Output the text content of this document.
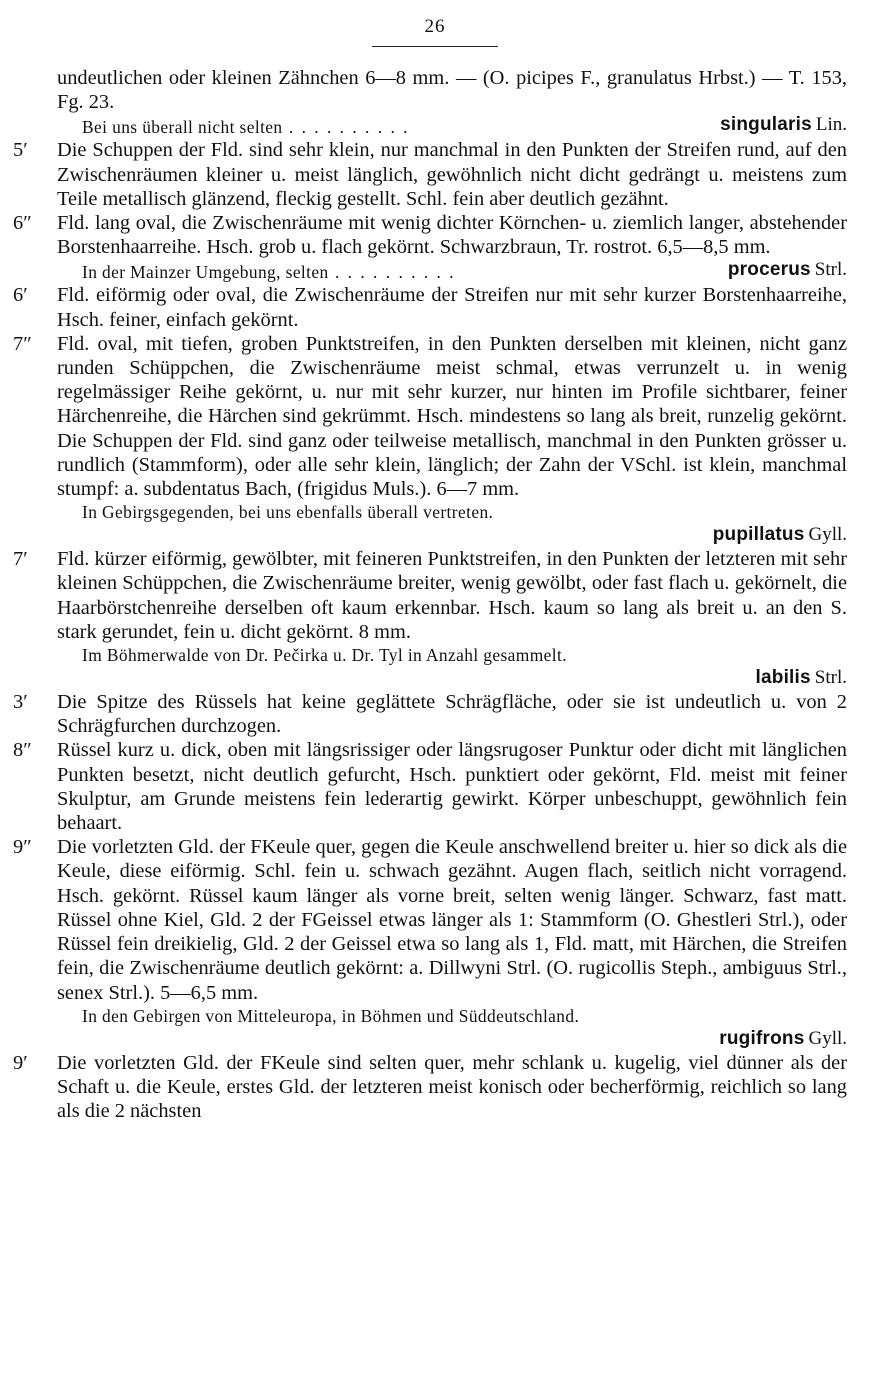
26
undeutlichen oder kleinen Zähnchen 6—8 mm. — (O. picipes F., granulatus Hrbst.) — T. 153, Fg. 23.
Bei uns überall nicht selten . . .	singularis Lin.
5′	Die Schuppen der Fld. sind sehr klein, nur manchmal in den Punkten der Streifen rund, auf den Zwischenräumen kleiner u. meist länglich, gewöhnlich nicht dicht gedrängt u. meistens zum Teile metallisch glänzend, fleckig gestellt. Schl. fein aber deutlich gezähnt.
6″	Fld. lang oval, die Zwischenräume mit wenig dichter Körnchen- u. ziemlich langer, abstehender Borstenhaarreihe. Hsch. grob u. flach gekörnt. Schwarzbraun, Tr. rostrot. 6,5—8,5 mm.
In der Mainzer Umgebung, selten . . .	procerus Strl.
6′	Fld. eiförmig oder oval, die Zwischenräume der Streifen nur mit sehr kurzer Borstenhaarreihe, Hsch. feiner, einfach gekörnt.
7″	Fld. oval, mit tiefen, groben Punktstreifen, in den Punkten derselben mit kleinen, nicht ganz runden Schüppchen, die Zwischenräume meist schmal, etwas verrunzelt u. in wenig regelmässiger Reihe gekörnt, u. nur mit sehr kurzer, nur hinten im Profile sichtbarer, feiner Härchenreihe, die Härchen sind gekrümmt. Hsch. mindestens so lang als breit, runzelig gekörnt. Die Schuppen der Fld. sind ganz oder teilweise metallisch, manchmal in den Punkten grösser u. rundlich (Stammform), oder alle sehr klein, länglich; der Zahn der VSchl. ist klein, manchmal stumpf: a. subdentatus Bach, (frigidus Muls.). 6—7 mm.
In Gebirgsgegenden, bei uns ebenfalls überall vertreten.
pupillatus Gyll.
7′	Fld. kürzer eiförmig, gewölbter, mit feineren Punktstreifen, in den Punkten der letzteren mit sehr kleinen Schüppchen, die Zwischenräume breiter, wenig gewölbt, oder fast flach u. gekörnelt, die Haarbörstchenreihe derselben oft kaum erkennbar. Hsch. kaum so lang als breit u. an den S. stark gerundet, fein u. dicht gekörnt. 8 mm.
Im Böhmerwalde von Dr. Pečirka u. Dr. Tyl in Anzahl gesammelt.
labilis Strl.
3′	Die Spitze des Rüssels hat keine geglättete Schrägfläche, oder sie ist undeutlich u. von 2 Schrägfurchen durchzogen.
8″	Rüssel kurz u. dick, oben mit längsrissiger oder längsrugoser Punktur oder dicht mit länglichen Punkten besetzt, nicht deutlich gefurcht, Hsch. punktiert oder gekörnt, Fld. meist mit feiner Skulptur, am Grunde meistens fein lederartig gewirkt. Körper unbeschuppt, gewöhnlich fein behaart.
9″	Die vorletzten Gld. der FKeule quer, gegen die Keule anschwellend breiter u. hier so dick als die Keule, diese eiförmig. Schl. fein u. schwach gezähnt. Augen flach, seitlich nicht vorragend. Hsch. gekörnt. Rüssel kaum länger als vorne breit, selten wenig länger. Schwarz, fast matt. Rüssel ohne Kiel, Gld. 2 der FGeissel etwas länger als 1: Stammform (O. Ghestleri Strl.), oder Rüssel fein dreikielig, Gld. 2 der Geissel etwa so lang als 1, Fld. matt, mit Härchen, die Streifen fein, die Zwischenräume deutlich gekörnt: a. Dillwyni Strl. (O. rugicollis Steph., ambiguus Strl., senex Strl.). 5—6,5 mm.
In den Gebirgen von Mitteleuropa, in Böhmen und Süddeutschland.
rugifrons Gyll.
9′	Die vorletzten Gld. der FKeule sind selten quer, mehr schlank u. kugelig, viel dünner als der Schaft u. die Keule, erstes Gld. der letzteren meist konisch oder becherförmig, reichlich so lang als die 2 nächsten
